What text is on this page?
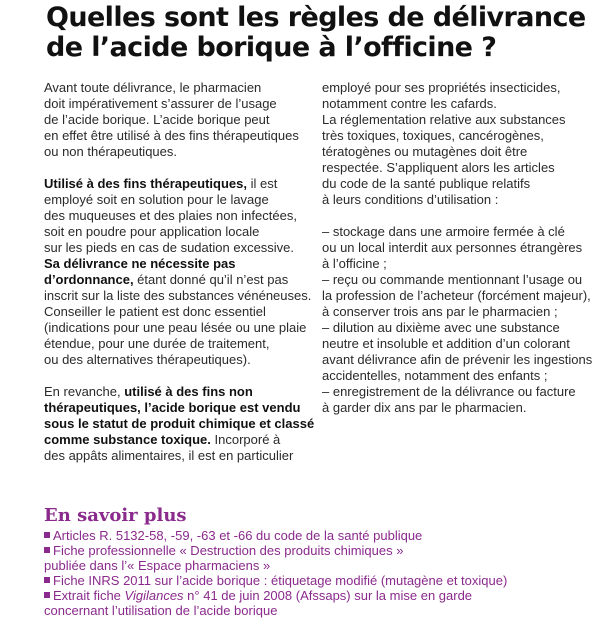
Quelles sont les règles de délivrance
de l’acide borique à l’officine ?

Avant toute délivrance, le pharmacien
doit impérativement s’assurer de l’usage
de l’acide borique. L’acide borique peut
en effet être utilisé à des fins thérapeutiques
ou non thérapeutiques.

Utilisé à des fins thérapeutiques, il est
employé soit en solution pour le lavage
des muqueuses et des plaies non infectées,
soit en poudre pour application locale
sur les pieds en cas de sudation excessive.
Sa délivrance ne nécessite pas
d’ordonnance, étant donné qu’il n’est pas
inscrit sur la liste des substances vénéneuses.
Conseiller le patient est donc essentiel
(indications pour une peau lésée ou une plaie
étendue, pour une durée de traitement,
ou des alternatives thérapeutiques).

En revanche, utilisé à des fins non
thérapeutiques, l’acide borique est vendu
sous le statut de produit chimique et classé
comme substance toxique. Incorporé à
des appâts alimentaires, il est en particulier

employé pour ses propriétés insecticides,
notamment contre les cafards.
La réglementation relative aux substances
très toxiques, toxiques, cancérogènes,
tératogènes ou mutagènes doit être
respectée. S’appliquent alors les articles
du code de la santé publique relatifs
à leurs conditions d’utilisation :

– stockage dans une armoire fermée à clé
ou un local interdit aux personnes étrangères
à l’officine ;
– reçu ou commande mentionnant l’usage ou
la profession de l’acheteur (forcément majeur),
à conserver trois ans par le pharmacien ;
– dilution au dixième avec une substance
neutre et insoluble et addition d’un colorant
avant délivrance afin de prévenir les ingestions
accidentelles, notamment des enfants ;
– enregistrement de la délivrance ou facture
à garder dix ans par le pharmacien.

En savoir plus
Articles R. 5132-58, -59, -63 et -66 du code de la santé publique
Fiche professionnelle « Destruction des produits chimiques »
publiée dans l’« Espace pharmaciens »
Fiche INRS 2011 sur l’acide borique : étiquetage modifié (mutagène et toxique)
Extrait fiche Vigilances n° 41 de juin 2008 (Afssaps) sur la mise en garde
concernant l’utilisation de l’acide borique
